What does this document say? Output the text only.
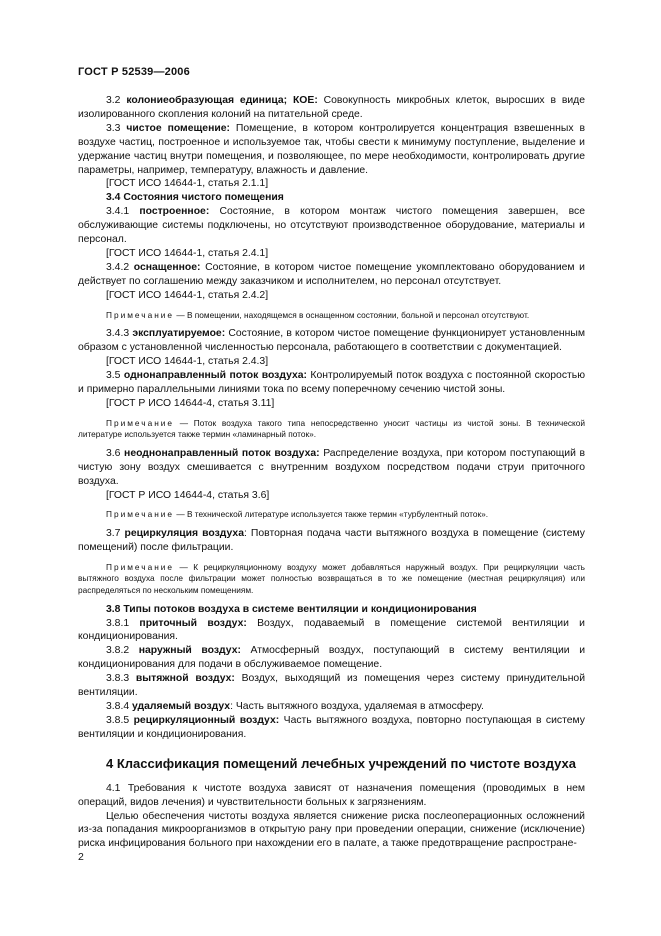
ГОСТ Р 52539—2006

3.2 колониеобразующая единица; КОЕ: Совокупность микробных клеток, выросших в виде изолированного скопления колоний на питательной среде.

3.3 чистое помещение: Помещение, в котором контролируется концентрация взвешенных в воздухе частиц, построенное и используемое так, чтобы свести к минимуму поступление, выделение и удержание частиц внутри помещения, и позволяющее, по мере необходимости, контролировать другие параметры, например, температуру, влажность и давление.

[ГОСТ ИСО 14644-1, статья 2.1.1]

3.4 Состояния чистого помещения

3.4.1 построенное: Состояние, в котором монтаж чистого помещения завершен, все обслуживающие системы подключены, но отсутствуют производственное оборудование, материалы и персонал.

[ГОСТ ИСО 14644-1, статья 2.4.1]

3.4.2 оснащенное: Состояние, в котором чистое помещение укомплектовано оборудованием и действует по соглашению между заказчиком и исполнителем, но персонал отсутствует.

[ГОСТ ИСО 14644-1, статья 2.4.2]

Примечание — В помещении, находящемся в оснащенном состоянии, больной и персонал отсутствуют.

3.4.3 эксплуатируемое: Состояние, в котором чистое помещение функционирует установленным образом с установленной численностью персонала, работающего в соответствии с документацией.

[ГОСТ ИСО 14644-1, статья 2.4.3]

3.5 однонаправленный поток воздуха: Контролируемый поток воздуха с постоянной скоростью и примерно параллельными линиями тока по всему поперечному сечению чистой зоны.

[ГОСТ Р ИСО 14644-4, статья 3.11]

Примечание — Поток воздуха такого типа непосредственно уносит частицы из чистой зоны. В технической литературе используется также термин «ламинарный поток».

3.6 неоднонаправленный поток воздуха: Распределение воздуха, при котором поступающий в чистую зону воздух смешивается с внутренним воздухом посредством подачи струи приточного воздуха.

[ГОСТ Р ИСО 14644-4, статья 3.6]

Примечание — В технической литературе используется также термин «турбулентный поток».

3.7 рециркуляция воздуха: Повторная подача части вытяжного воздуха в помещение (систему помещений) после фильтрации.

Примечание — К рециркуляционному воздуху может добавляться наружный воздух. При рециркуляции часть вытяжного воздуха после фильтрации может полностью возвращаться в то же помещение (местная рециркуляция) или распределяться по нескольким помещениям.

3.8 Типы потоков воздуха в системе вентиляции и кондиционирования

3.8.1 приточный воздух: Воздух, подаваемый в помещение системой вентиляции и кондиционирования.

3.8.2 наружный воздух: Атмосферный воздух, поступающий в систему вентиляции и кондиционирования для подачи в обслуживаемое помещение.

3.8.3 вытяжной воздух: Воздух, выходящий из помещения через систему принудительной вентиляции.

3.8.4 удаляемый воздух: Часть вытяжного воздуха, удаляемая в атмосферу.

3.8.5 рециркуляционный воздух: Часть вытяжного воздуха, повторно поступающая в систему вентиляции и кондиционирования.

4 Классификация помещений лечебных учреждений по чистоте воздуха

4.1 Требования к чистоте воздуха зависят от назначения помещения (проводимых в нем операций, видов лечения) и чувствительности больных к загрязнениям.

Целью обеспечения чистоты воздуха является снижение риска послеоперационных осложнений из-за попадания микроорганизмов в открытую рану при проведении операции, снижение (исключение) риска инфицирования больного при нахождении его в палате, а также предотвращение распростране-

2
